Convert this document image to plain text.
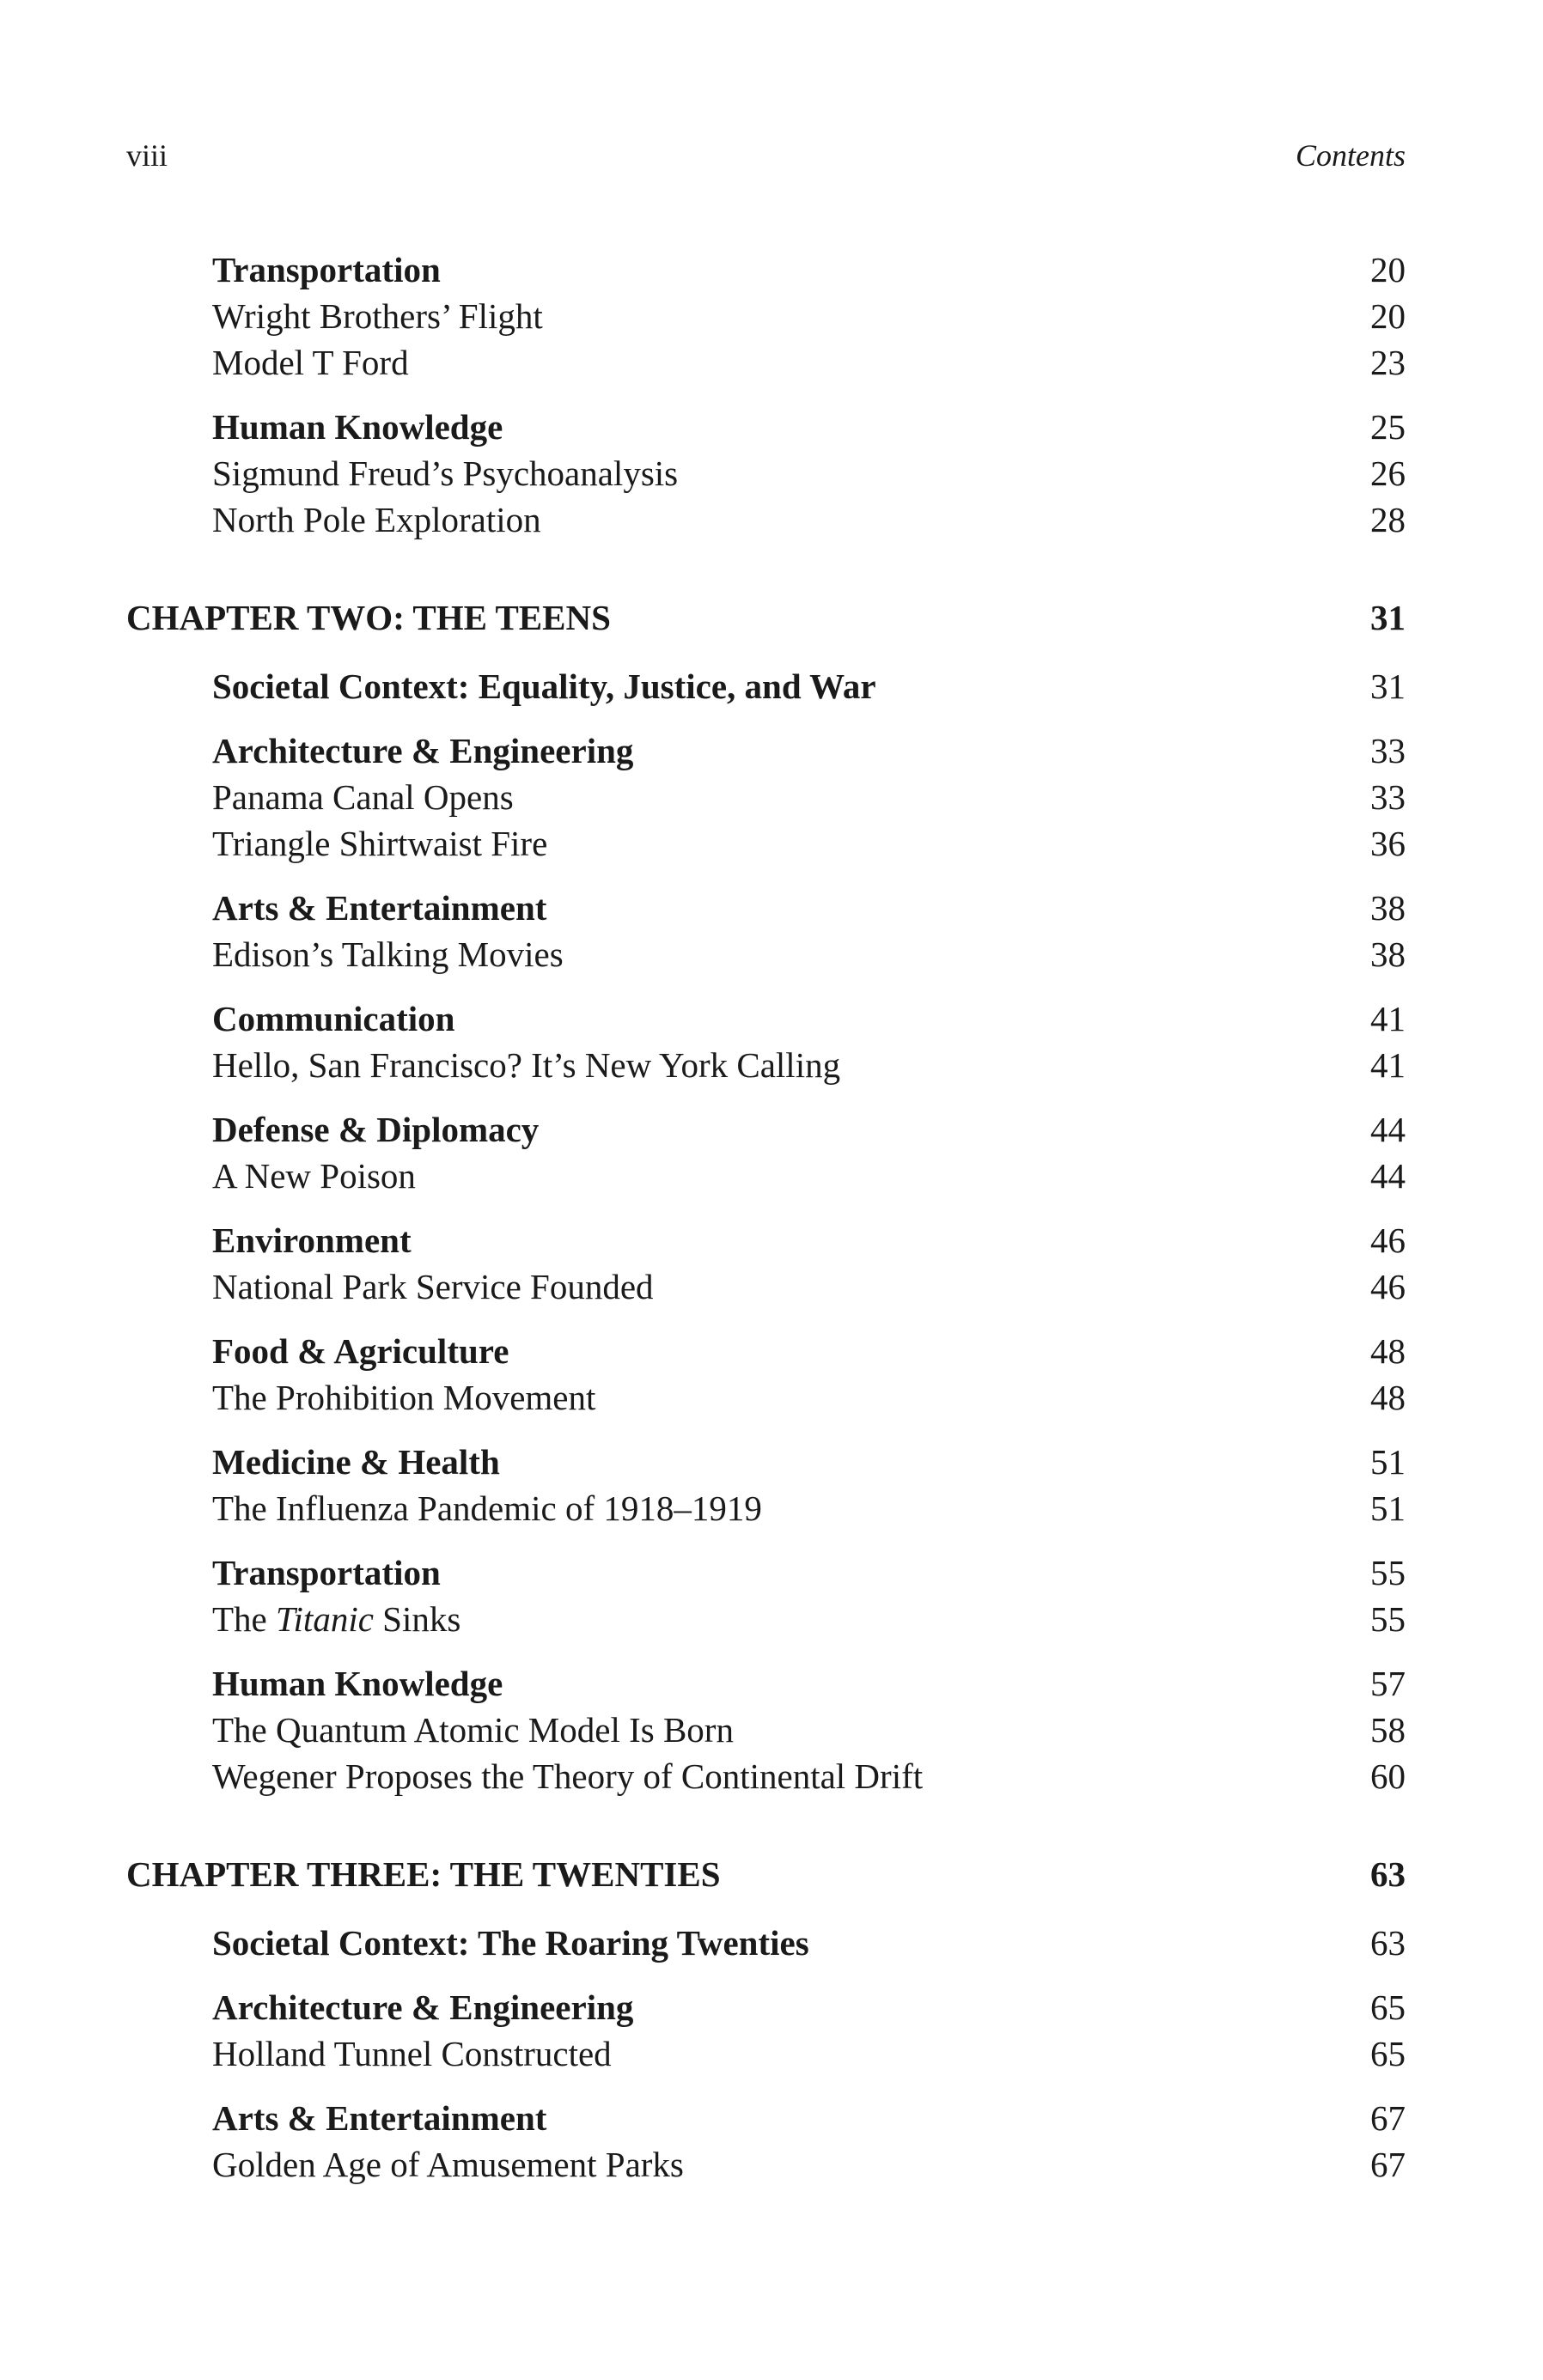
viii	Contents
Transportation	20
Wright Brothers’ Flight	20
Model T Ford	23
Human Knowledge	25
Sigmund Freud’s Psychoanalysis	26
North Pole Exploration	28
CHAPTER TWO: THE TEENS	31
Societal Context: Equality, Justice, and War	31
Architecture & Engineering	33
Panama Canal Opens	33
Triangle Shirtwaist Fire	36
Arts & Entertainment	38
Edison’s Talking Movies	38
Communication	41
Hello, San Francisco? It’s New York Calling	41
Defense & Diplomacy	44
A New Poison	44
Environment	46
National Park Service Founded	46
Food & Agriculture	48
The Prohibition Movement	48
Medicine & Health	51
The Influenza Pandemic of 1918–1919	51
Transportation	55
The Titanic Sinks	55
Human Knowledge	57
The Quantum Atomic Model Is Born	58
Wegener Proposes the Theory of Continental Drift	60
CHAPTER THREE: THE TWENTIES	63
Societal Context: The Roaring Twenties	63
Architecture & Engineering	65
Holland Tunnel Constructed	65
Arts & Entertainment	67
Golden Age of Amusement Parks	67
